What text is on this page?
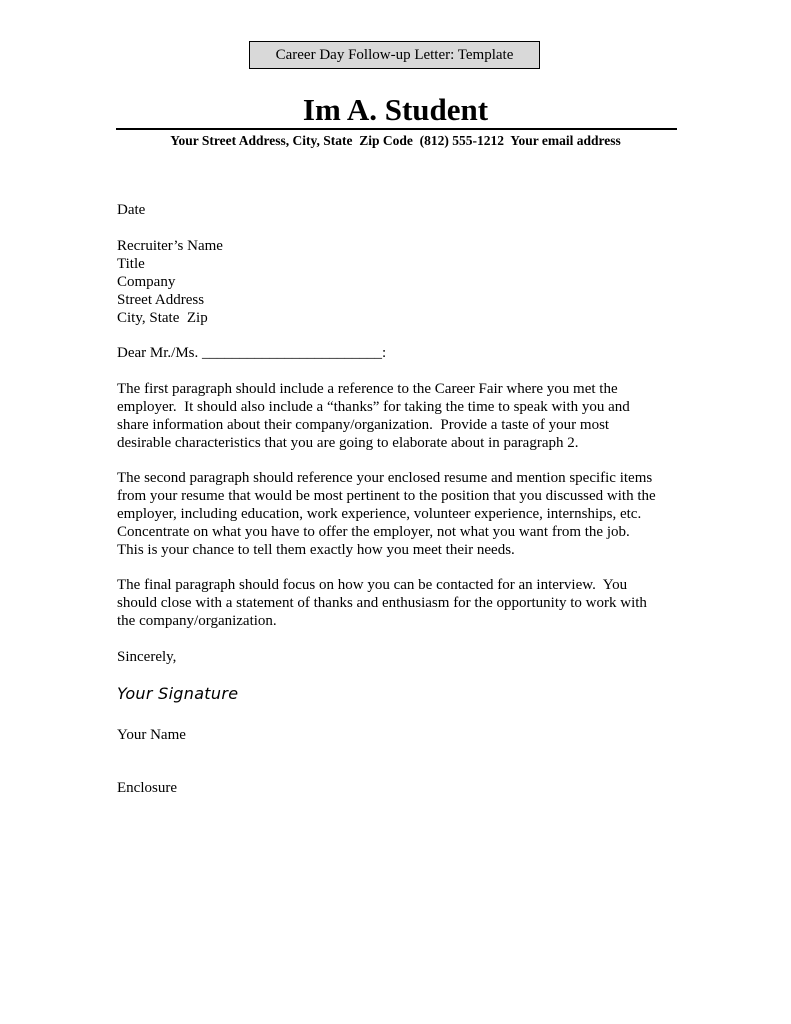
Career Day Follow-up Letter: Template
Im A. Student
Your Street Address, City, State  Zip Code  (812) 555-1212  Your email address
Date
Recruiter’s Name
Title
Company
Street Address
City, State  Zip
Dear Mr./Ms. ________________________:
The first paragraph should include a reference to the Career Fair where you met the
employer.  It should also include a “thanks” for taking the time to speak with you and
share information about their company/organization.  Provide a taste of your most
desirable characteristics that you are going to elaborate about in paragraph 2.
The second paragraph should reference your enclosed resume and mention specific items
from your resume that would be most pertinent to the position that you discussed with the
employer, including education, work experience, volunteer experience, internships, etc.
Concentrate on what you have to offer the employer, not what you want from the job.
This is your chance to tell them exactly how you meet their needs.
The final paragraph should focus on how you can be contacted for an interview.  You
should close with a statement of thanks and enthusiasm for the opportunity to work with
the company/organization.
Sincerely,
Your Signature
Your Name
Enclosure
